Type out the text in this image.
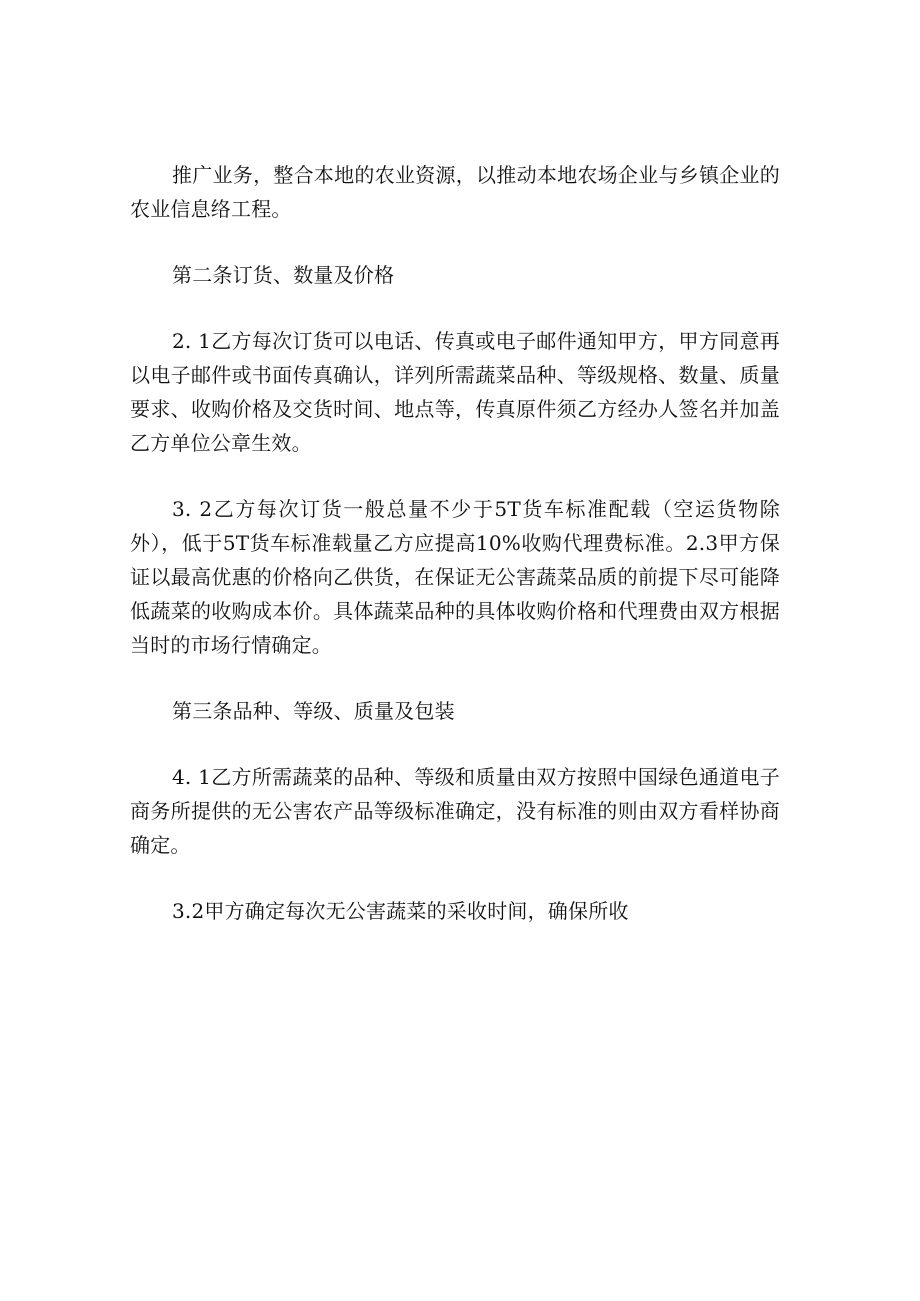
推广业务，整合本地的农业资源，以推动本地农场企业与乡镇企业的农业信息络工程。

第二条订货、数量及价格

2. 1乙方每次订货可以电话、传真或电子邮件通知甲方，甲方同意再以电子邮件或书面传真确认，详列所需蔬菜品种、等级规格、数量、质量要求、收购价格及交货时间、地点等，传真原件须乙方经办人签名并加盖乙方单位公章生效。

3. 2乙方每次订货一般总量不少于5T货车标准配载（空运货物除外），低于5T货车标准载量乙方应提高10%收购代理费标准。2.3甲方保证以最高优惠的价格向乙供货，在保证无公害蔬菜品质的前提下尽可能降低蔬菜的收购成本价。具体蔬菜品种的具体收购价格和代理费由双方根据当时的市场行情确定。

第三条品种、等级、质量及包装

4. 1乙方所需蔬菜的品种、等级和质量由双方按照中国绿色通道电子商务所提供的无公害农产品等级标准确定，没有标准的则由双方看样协商确定。

3.2甲方确定每次无公害蔬菜的采收时间，确保所收
